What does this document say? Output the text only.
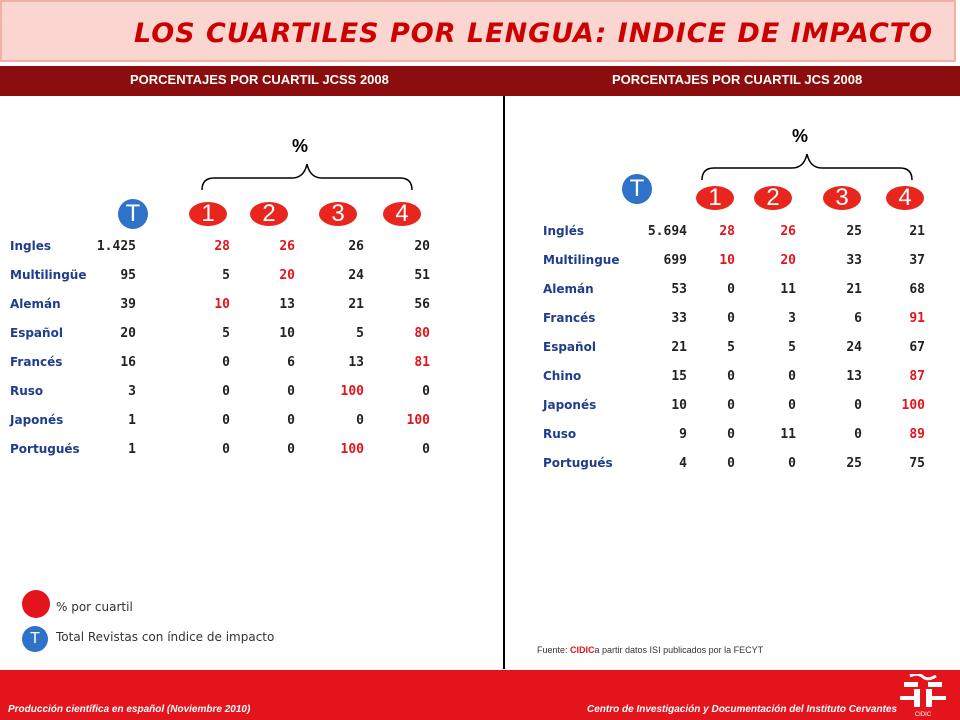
LOS CUARTILES POR LENGUA: INDICE DE IMPACTO
PORCENTAJES POR CUARTIL JCSS 2008	PORCENTAJES POR CUARTIL JCS 2008
%
T	1	2	3	4
Ingles	1.425	28	26	26	20
Multilingüe	95	5	20	24	51
Alemán	39	10	13	21	56
Español	20	5	10	5	80
Francés	16	0	6	13	81
Ruso	3	0	0	100	0
Japonés	1	0	0	0	100
Portugués	1	0	0	100	0
%
T	1	2	3	4
Inglés	5.694	28	26	25	21
Multilingue	699	10	20	33	37
Alemán	53	0	11	21	68
Francés	33	0	3	6	91
Español	21	5	5	24	67
Chino	15	0	0	13	87
Japonés	10	0	0	0	100
Ruso	9	0	11	0	89
Portugués	4	0	0	25	75
% por cuartil
T	Total Revistas con índice de impacto
Fuente: CIDICa partir datos ISI publicados por la FECYT
Producción científica en español (Noviembre 2010)	Centro de Investigación y Documentación del Instituto Cervantes	CIDIC
